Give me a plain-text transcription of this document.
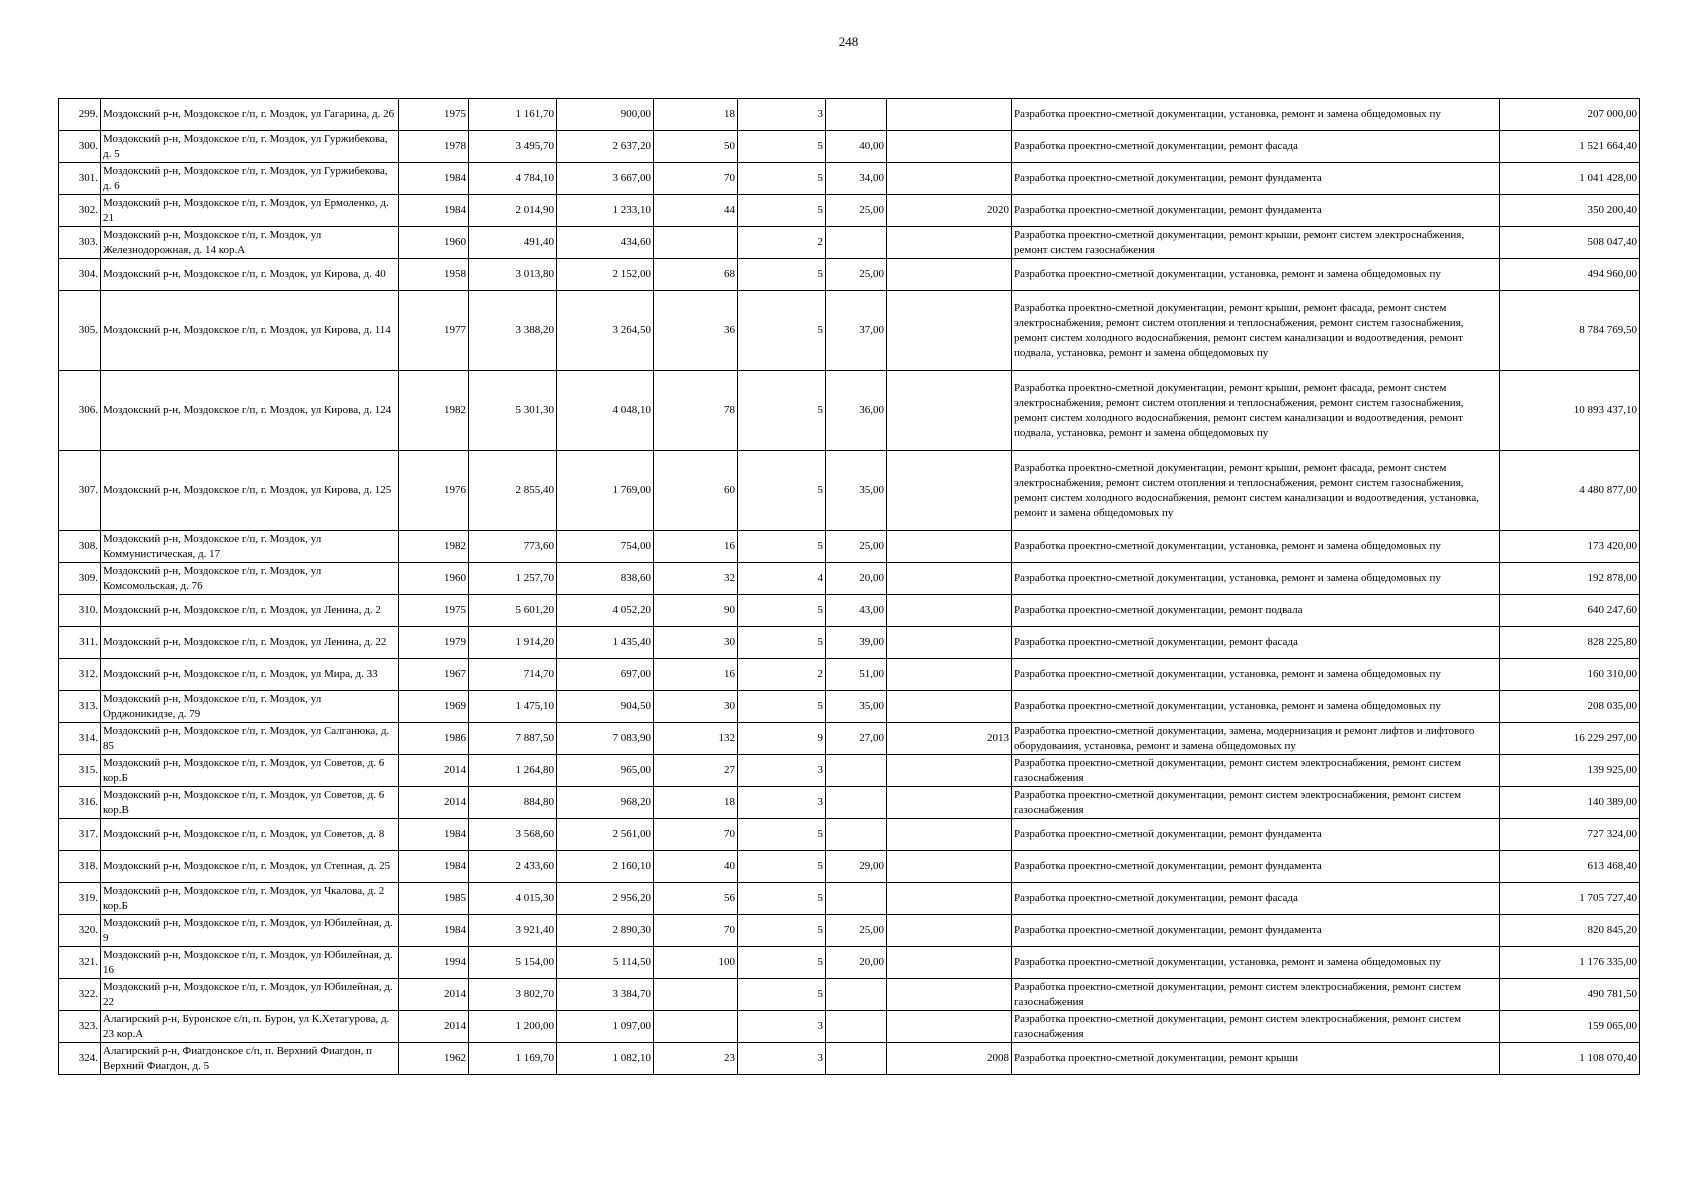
248
299.	Моздокский р-н, Моздокское г/п, г. Моздок, ул Гагарина, д. 26	1975	1 161,70	900,00	18	3			Разработка проектно-сметной документации, установка, ремонт и замена общедомовых пу	207 000,00
300.	Моздокский р-н, Моздокское г/п, г. Моздок, ул Гуржибекова, д. 5	1978	3 495,70	2 637,20	50	5	40,00		Разработка проектно-сметной документации, ремонт фасада	1 521 664,40
301.	Моздокский р-н, Моздокское г/п, г. Моздок, ул Гуржибекова, д. 6	1984	4 784,10	3 667,00	70	5	34,00		Разработка проектно-сметной документации, ремонт фундамента	1 041 428,00
302.	Моздокский р-н, Моздокское г/п, г. Моздок, ул Ермоленко, д. 21	1984	2 014,90	1 233,10	44	5	25,00	2020	Разработка проектно-сметной документации, ремонт фундамента	350 200,40
303.	Моздокский р-н, Моздокское г/п, г. Моздок, ул Железнодорожная, д. 14 кор.А	1960	491,40	434,60		2			Разработка проектно-сметной документации, ремонт крыши, ремонт систем электроснабжения, ремонт систем газоснабжения	508 047,40
304.	Моздокский р-н, Моздокское г/п, г. Моздок, ул Кирова, д. 40	1958	3 013,80	2 152,00	68	5	25,00		Разработка проектно-сметной документации, установка, ремонт и замена общедомовых пу	494 960,00
305.	Моздокский р-н, Моздокское г/п, г. Моздок, ул Кирова, д. 114	1977	3 388,20	3 264,50	36	5	37,00		Разработка проектно-сметной документации, ремонт крыши, ремонт фасада, ремонт систем электроснабжения, ремонт систем отопления и теплоснабжения, ремонт систем газоснабжения, ремонт систем холодного водоснабжения, ремонт систем канализации и водоотведения, ремонт подвала, установка, ремонт и замена общедомовых пу	8 784 769,50
306.	Моздокский р-н, Моздокское г/п, г. Моздок, ул Кирова, д. 124	1982	5 301,30	4 048,10	78	5	36,00		Разработка проектно-сметной документации, ремонт крыши, ремонт фасада, ремонт систем электроснабжения, ремонт систем отопления и теплоснабжения, ремонт систем газоснабжения, ремонт систем холодного водоснабжения, ремонт систем канализации и водоотведения, ремонт подвала, установка, ремонт и замена общедомовых пу	10 893 437,10
307.	Моздокский р-н, Моздокское г/п, г. Моздок, ул Кирова, д. 125	1976	2 855,40	1 769,00	60	5	35,00		Разработка проектно-сметной документации, ремонт крыши, ремонт фасада, ремонт систем электроснабжения, ремонт систем отопления и теплоснабжения, ремонт систем газоснабжения, ремонт систем холодного водоснабжения, ремонт систем канализации и водоотведения, установка, ремонт и замена общедомовых пу	4 480 877,00
308.	Моздокский р-н, Моздокское г/п, г. Моздок, ул Коммунистическая, д. 17	1982	773,60	754,00	16	5	25,00		Разработка проектно-сметной документации, установка, ремонт и замена общедомовых пу	173 420,00
309.	Моздокский р-н, Моздокское г/п, г. Моздок, ул Комсомольская, д. 76	1960	1 257,70	838,60	32	4	20,00		Разработка проектно-сметной документации, установка, ремонт и замена общедомовых пу	192 878,00
310.	Моздокский р-н, Моздокское г/п, г. Моздок, ул Ленина, д. 2	1975	5 601,20	4 052,20	90	5	43,00		Разработка проектно-сметной документации, ремонт подвала	640 247,60
311.	Моздокский р-н, Моздокское г/п, г. Моздок, ул Ленина, д. 22	1979	1 914,20	1 435,40	30	5	39,00		Разработка проектно-сметной документации, ремонт фасада	828 225,80
312.	Моздокский р-н, Моздокское г/п, г. Моздок, ул Мира, д. 33	1967	714,70	697,00	16	2	51,00		Разработка проектно-сметной документации, установка, ремонт и замена общедомовых пу	160 310,00
313.	Моздокский р-н, Моздокское г/п, г. Моздок, ул Орджоникидзе, д. 79	1969	1 475,10	904,50	30	5	35,00		Разработка проектно-сметной документации, установка, ремонт и замена общедомовых пу	208 035,00
314.	Моздокский р-н, Моздокское г/п, г. Моздок, ул Салганюка, д. 85	1986	7 887,50	7 083,90	132	9	27,00	2013	Разработка проектно-сметной документации, замена, модернизация и ремонт лифтов и лифтового оборудования, установка, ремонт и замена общедомовых пу	16 229 297,00
315.	Моздокский р-н, Моздокское г/п, г. Моздок, ул Советов, д. 6 кор.Б	2014	1 264,80	965,00	27	3			Разработка проектно-сметной документации, ремонт систем электроснабжения, ремонт систем газоснабжения	139 925,00
316.	Моздокский р-н, Моздокское г/п, г. Моздок, ул Советов, д. 6 кор.В	2014	884,80	968,20	18	3			Разработка проектно-сметной документации, ремонт систем электроснабжения, ремонт систем газоснабжения	140 389,00
317.	Моздокский р-н, Моздокское г/п, г. Моздок, ул Советов, д. 8	1984	3 568,60	2 561,00	70	5			Разработка проектно-сметной документации, ремонт фундамента	727 324,00
318.	Моздокский р-н, Моздокское г/п, г. Моздок, ул Степная, д. 25	1984	2 433,60	2 160,10	40	5	29,00		Разработка проектно-сметной документации, ремонт фундамента	613 468,40
319.	Моздокский р-н, Моздокское г/п, г. Моздок, ул Чкалова, д. 2 кор.Б	1985	4 015,30	2 956,20	56	5			Разработка проектно-сметной документации, ремонт фасада	1 705 727,40
320.	Моздокский р-н, Моздокское г/п, г. Моздок, ул Юбилейная, д. 9	1984	3 921,40	2 890,30	70	5	25,00		Разработка проектно-сметной документации, ремонт фундамента	820 845,20
321.	Моздокский р-н, Моздокское г/п, г. Моздок, ул Юбилейная, д. 16	1994	5 154,00	5 114,50	100	5	20,00		Разработка проектно-сметной документации, установка, ремонт и замена общедомовых пу	1 176 335,00
322.	Моздокский р-н, Моздокское г/п, г. Моздок, ул Юбилейная, д. 22	2014	3 802,70	3 384,70		5			Разработка проектно-сметной документации, ремонт систем электроснабжения, ремонт систем газоснабжения	490 781,50
323.	Алагирский р-н, Буронское с/п, п. Бурон, ул К.Хетагурова, д. 23 кор.А	2014	1 200,00	1 097,00		3			Разработка проектно-сметной документации, ремонт систем электроснабжения, ремонт систем газоснабжения	159 065,00
324.	Алагирский р-н, Фиагдонское с/п, п. Верхний Фиагдон, п Верхний Фиагдон, д. 5	1962	1 169,70	1 082,10	23	3		2008	Разработка проектно-сметной документации, ремонт крыши	1 108 070,40
